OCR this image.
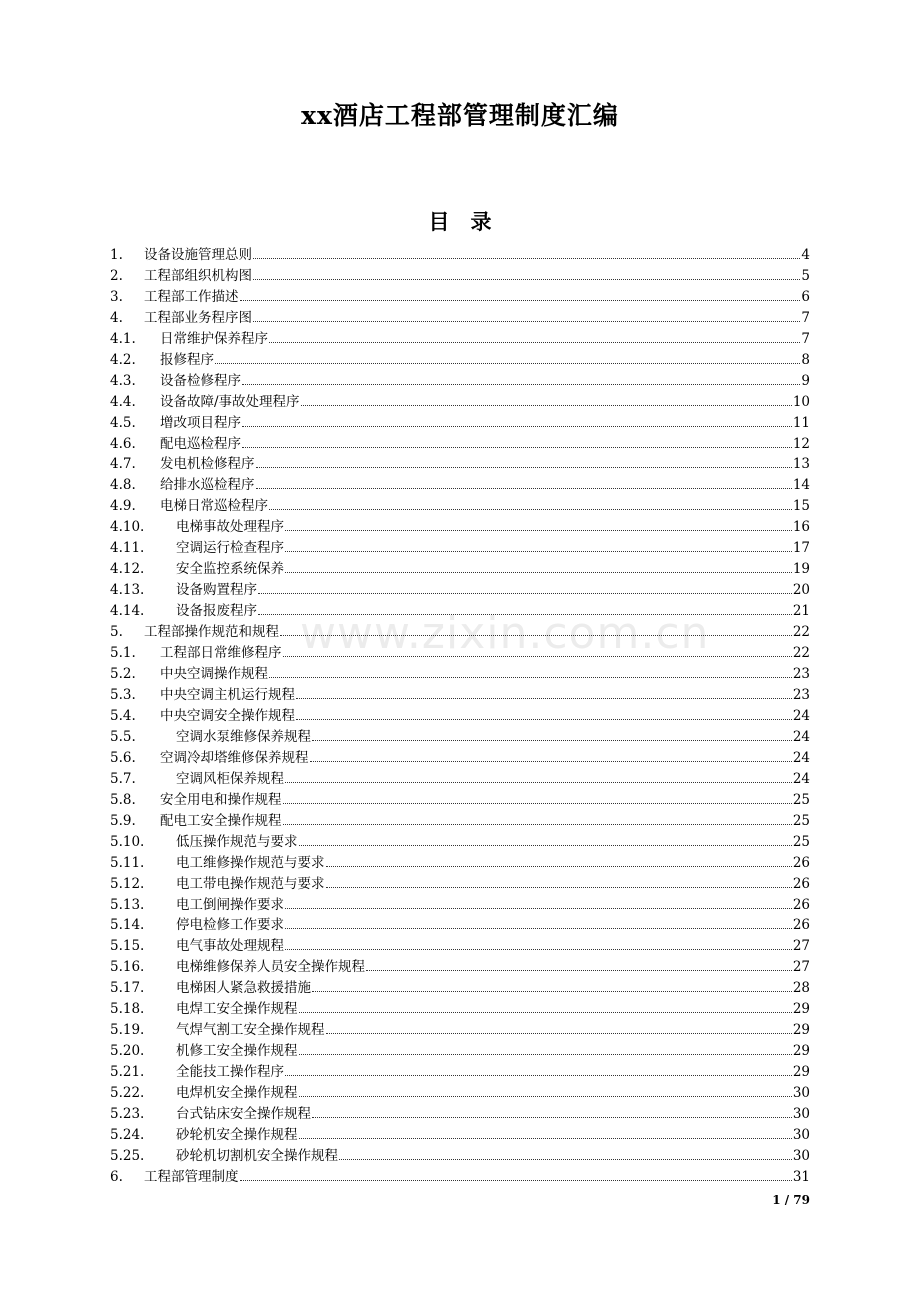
xx酒店工程部管理制度汇编
目　录
www.zixin.com.cn
1.	设备设施管理总则	4
2.	工程部组织机构图	5
3.	工程部工作描述	6
4.	工程部业务程序图	7
4.1.	日常维护保养程序	7
4.2.	报修程序	8
4.3.	设备检修程序	9
4.4.	设备故障/事故处理程序	10
4.5.	增改项目程序	11
4.6.	配电巡检程序	12
4.7.	发电机检修程序	13
4.8.	给排水巡检程序	14
4.9.	电梯日常巡检程序	15
4.10.	电梯事故处理程序	16
4.11.	空调运行检查程序	17
4.12.	安全监控系统保养	19
4.13.	设备购置程序	20
4.14.	设备报废程序	21
5.	工程部操作规范和规程	22
5.1.	工程部日常维修程序	22
5.2.	中央空调操作规程	23
5.3.	中央空调主机运行规程	23
5.4.	中央空调安全操作规程	24
5.5.	空调水泵维修保养规程	24
5.6.	空调冷却塔维修保养规程	24
5.7.	空调风柜保养规程	24
5.8.	安全用电和操作规程	25
5.9.	配电工安全操作规程	25
5.10.	低压操作规范与要求	25
5.11.	电工维修操作规范与要求	26
5.12.	电工带电操作规范与要求	26
5.13.	电工倒闸操作要求	26
5.14.	停电检修工作要求	26
5.15.	电气事故处理规程	27
5.16.	电梯维修保养人员安全操作规程	27
5.17.	电梯困人紧急救援措施	28
5.18.	电焊工安全操作规程	29
5.19.	气焊气割工安全操作规程	29
5.20.	机修工安全操作规程	29
5.21.	全能技工操作程序	29
5.22.	电焊机安全操作规程	30
5.23.	台式钻床安全操作规程	30
5.24.	砂轮机安全操作规程	30
5.25.	砂轮机切割机安全操作规程	30
6.	工程部管理制度	31
1 / 79
